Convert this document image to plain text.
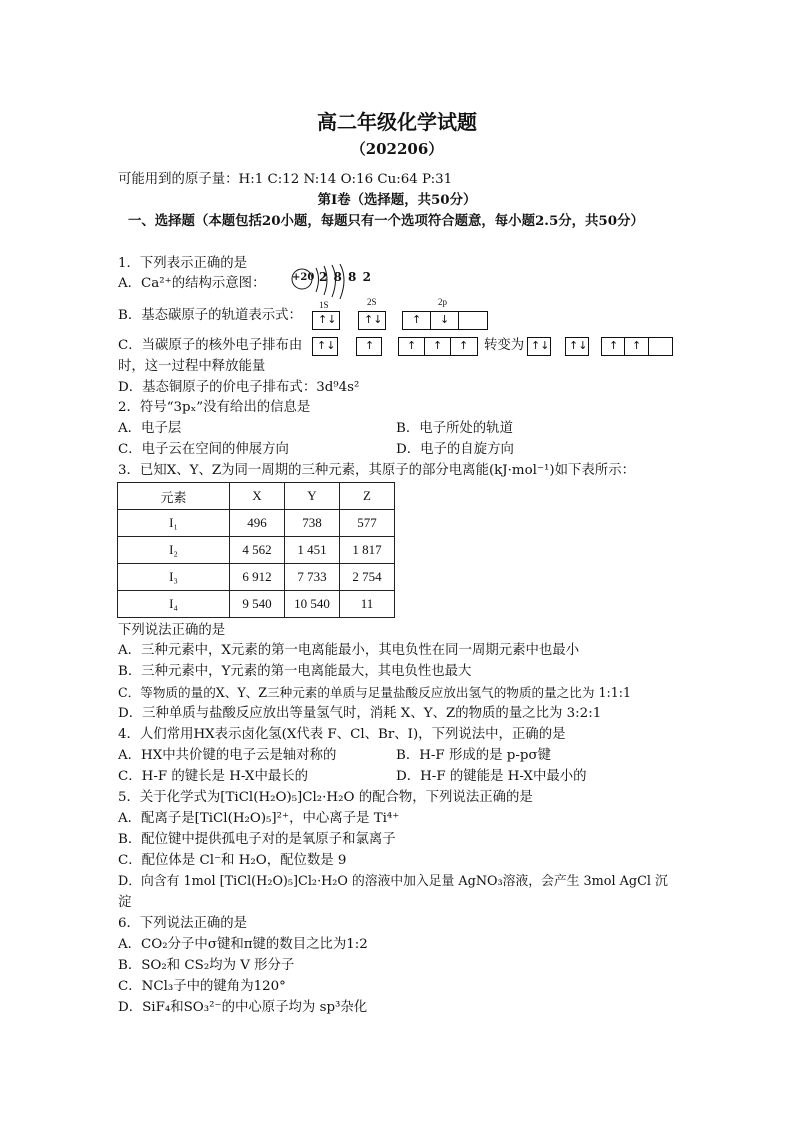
高二年级化学试题
（202206）
可能用到的原子量：H:1 C:12 N:14 O:16 Cu:64 P:31
第Ⅰ卷（选择题，共50分）
一、选择题（本题包括20小题，每题只有一个选项符合题意，每小题2.5分，共50分）
1．下列表示正确的是
A．Ca²⁺的结构示意图：	+20 2 8 8 2
B．基态碳原子的轨道表示式：
1S	2S	2p
↑↓	↑↓	↑ ↓
C．当碳原子的核外电子排布由 ↑↓	↑	↑ ↑ ↑ 转变为 ↑↓ ↑↓ ↑ ↑
时，这一过程中释放能量
D．基态铜原子的价电子排布式：3d⁹4s²
2．符号“3pₓ”没有给出的信息是
A．电子层	B．电子所处的轨道
C．电子云在空间的伸展方向	D．电子的自旋方向
3．已知X、Y、Z为同一周期的三种元素，其原子的部分电离能(kJ·mol⁻¹)如下表所示：
元素	X	Y	Z
I₁	496	738	577
I₂	4 562	1 451	1 817
I₃	6 912	7 733	2 754
I₄	9 540	10 540	11
下列说法正确的是
A．三种元素中，X元素的第一电离能最小，其电负性在同一周期元素中也最小
B．三种元素中，Y元素的第一电离能最大，其电负性也最大
C．等物质的量的X、Y、Z三种元素的单质与足量盐酸反应放出氢气的物质的量之比为 1:1:1
D．三种单质与盐酸反应放出等量氢气时，消耗 X、Y、Z的物质的量之比为 3:2:1
4．人们常用HX表示卤化氢(X代表 F、Cl、Br、I)，下列说法中，正确的是
A．HX中共价键的电子云是轴对称的	B．H-F 形成的是 p-pσ键
C．H-F 的键长是 H-X中最长的	D．H-F 的键能是 H-X中最小的
5．关于化学式为[TiCl(H₂O)₅]Cl₂·H₂O 的配合物，下列说法正确的是
A．配离子是[TiCl(H₂O)₅]²⁺，中心离子是 Ti⁴⁺
B．配位键中提供孤电子对的是氧原子和氯离子
C．配位体是 Cl⁻和 H₂O，配位数是 9
D．向含有 1mol [TiCl(H₂O)₅]Cl₂·H₂O 的溶液中加入足量 AgNO₃溶液，会产生 3mol AgCl 沉
淀
6．下列说法正确的是
A．CO₂分子中σ键和π键的数目之比为1:2
B．SO₂和 CS₂均为 V 形分子
C．NCl₃子中的键角为120°
D．SiF₄和SO₃²⁻的中心原子均为 sp³杂化
